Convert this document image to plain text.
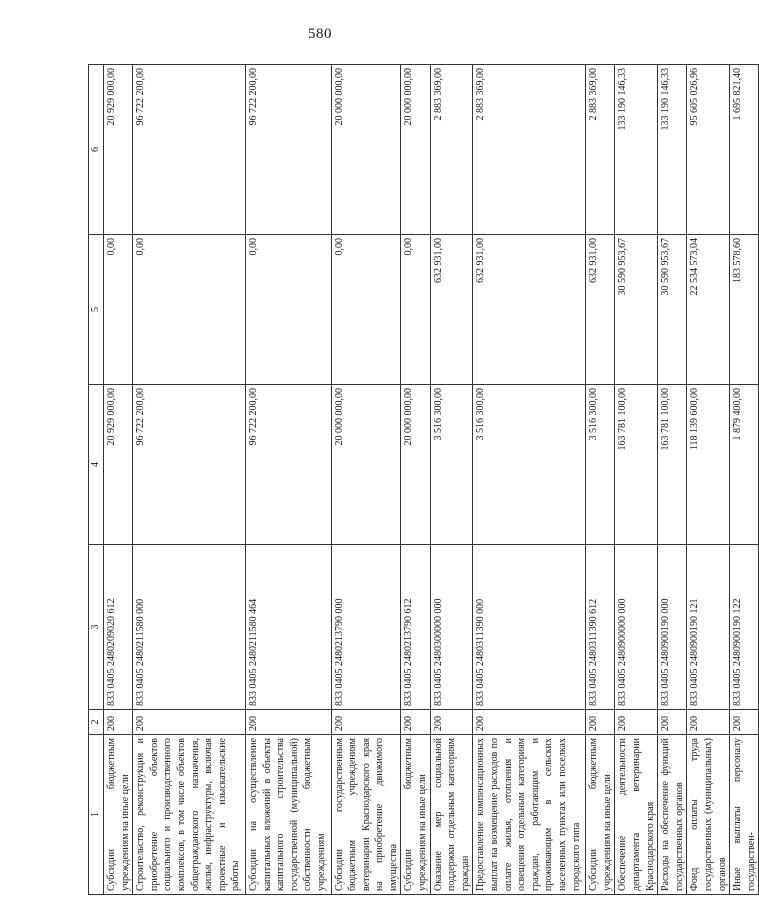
580
1	2	3	4	5	6
Субсидии бюджетным учреждениям на иные цели	200	833 0405 2480209020 612	20 929 000,00	0,00	20 929 000,00
Строительство, реконструкция и приобретение объектов социального и производственного комплексов, в том числе объектов общегражданского назначения, жилья, инфраструктуры, включая проектные и изыскательские работы	200	833 0405 2480211580 000	96 722 200,00	0,00	96 722 200,00
Субсидии на осуществление капитальных вложений в объекты капитального строительства государственной (муниципальной) собственности бюджетным учреждениям	200	833 0405 2480211580 464	96 722 200,00	0,00	96 722 200,00
Субсидии государственным бюджетным учреждениям ветеринарии Краснодарского края на приобретение движимого имущества	200	833 0405 2480213790 000	20 000 000,00	0,00	20 000 000,00
Субсидии бюджетным учреждениям на иные цели	200	833 0405 2480213790 612	20 000 000,00	0,00	20 000 000,00
Оказание мер социальной поддержки отдельным категориям граждан	200	833 0405 2480300000 000	3 516 300,00	632 931,00	2 883 369,00
Предоставление компенсационных выплат на возмещение расходов по оплате жилья, отопления и освещения отдельным категориям граждан, работающим и проживающим в сельских населенных пунктах или поселках городского типа	200	833 0405 2480311390 000	3 516 300,00	632 931,00	2 883 369,00
Субсидии бюджетным учреждениям на иные цели	200	833 0405 2480311390 612	3 516 300,00	632 931,00	2 883 369,00
Обеспечение деятельности департамента ветеринарии Краснодарского края	200	833 0405 2480900000 000	163 781 100,00	30 590 953,67	133 190 146,33
Расходы на обеспечение функций государственных органов	200	833 0405 2480900190 000	163 781 100,00	30 590 953,67	133 190 146,33
Фонд оплаты труда государственных (муниципальных) органов	200	833 0405 2480900190 121	118 139 600,00	22 534 573,04	95 605 026,96
Иные выплаты персоналу государствен-	200	833 0405 2480900190 122	1 879 400,00	183 578,60	1 695 821,40
